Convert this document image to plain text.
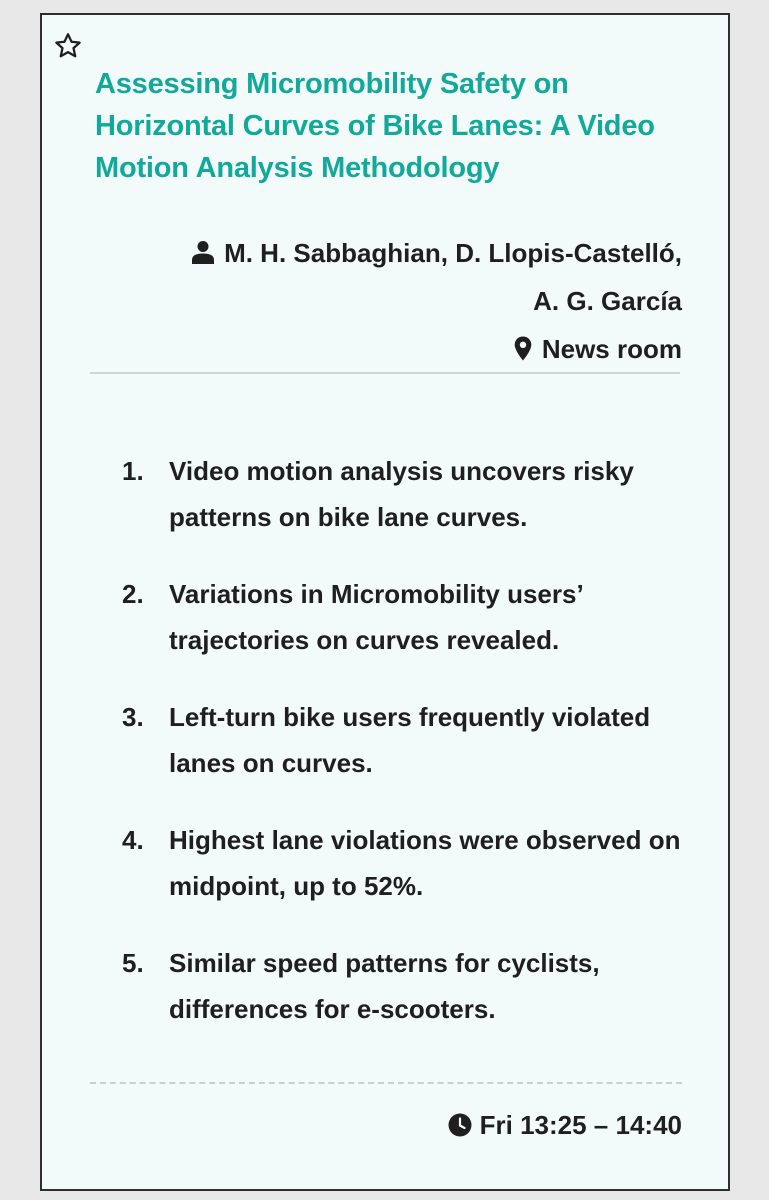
Assessing Micromobility Safety on Horizontal Curves of Bike Lanes: A Video Motion Analysis Methodology
M. H. Sabbaghian, D. Llopis-Castelló,
A. G. García
News room
1. Video motion analysis uncovers risky patterns on bike lane curves.
2. Variations in Micromobility users’ trajectories on curves revealed.
3. Left-turn bike users frequently violated lanes on curves.
4. Highest lane violations were observed on midpoint, up to 52%.
5. Similar speed patterns for cyclists, differences for e-scooters.
Fri 13:25 – 14:40
